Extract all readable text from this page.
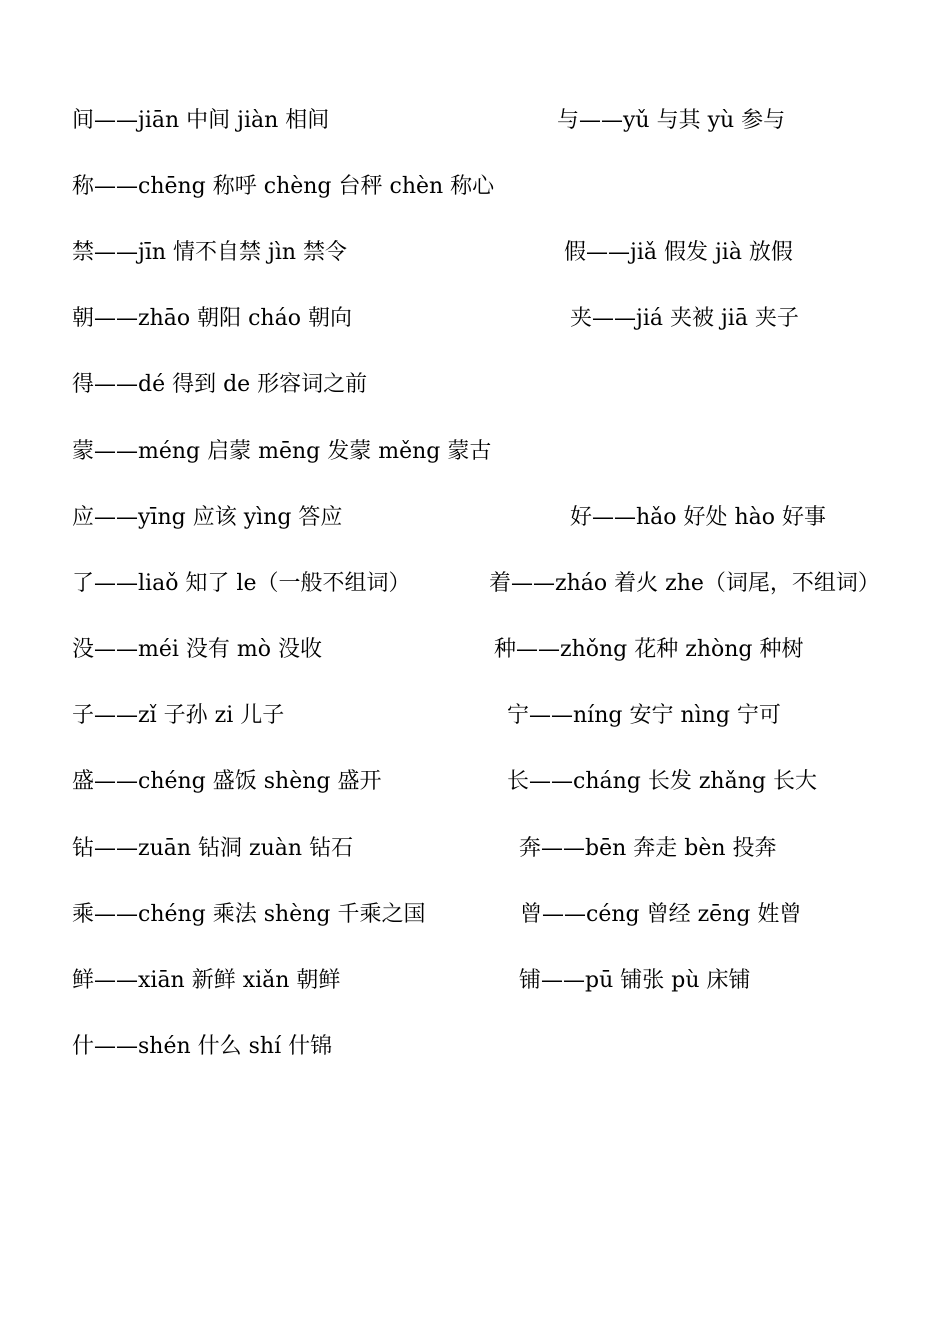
间——jiān 中间 jiàn 相间	与——yǔ 与其 yù 参与
称——chēng 称呼 chèng 台秤 chèn 称心
禁——jīn 情不自禁 jìn 禁令	假——jiǎ 假发 jià 放假
朝——zhāo 朝阳 cháo 朝向	夹——jiá 夹被 jiā 夹子
得——dé 得到 de 形容词之前
蒙——méng 启蒙 mēng 发蒙 měng 蒙古
应——yīng 应该 yìng 答应	好——hǎo 好处 hào 好事
了——liaǒ 知了 le（一般不组词）	着——zháo 着火 zhe（词尾，不组词）
没——méi 没有 mò 没收	种——zhǒng 花种 zhòng 种树
子——zǐ 子孙 zi 儿子	宁——níng 安宁 nìng 宁可
盛——chéng 盛饭 shèng 盛开	长——cháng 长发 zhǎng 长大
钻——zuān 钻洞 zuàn 钻石	奔——bēn 奔走 bèn 投奔
乘——chéng 乘法 shèng 千乘之国	曾——céng 曾经 zēng 姓曾
鲜——xiān 新鲜 xiǎn 朝鲜	铺——pū 铺张 pù 床铺
什——shén 什么 shí 什锦
